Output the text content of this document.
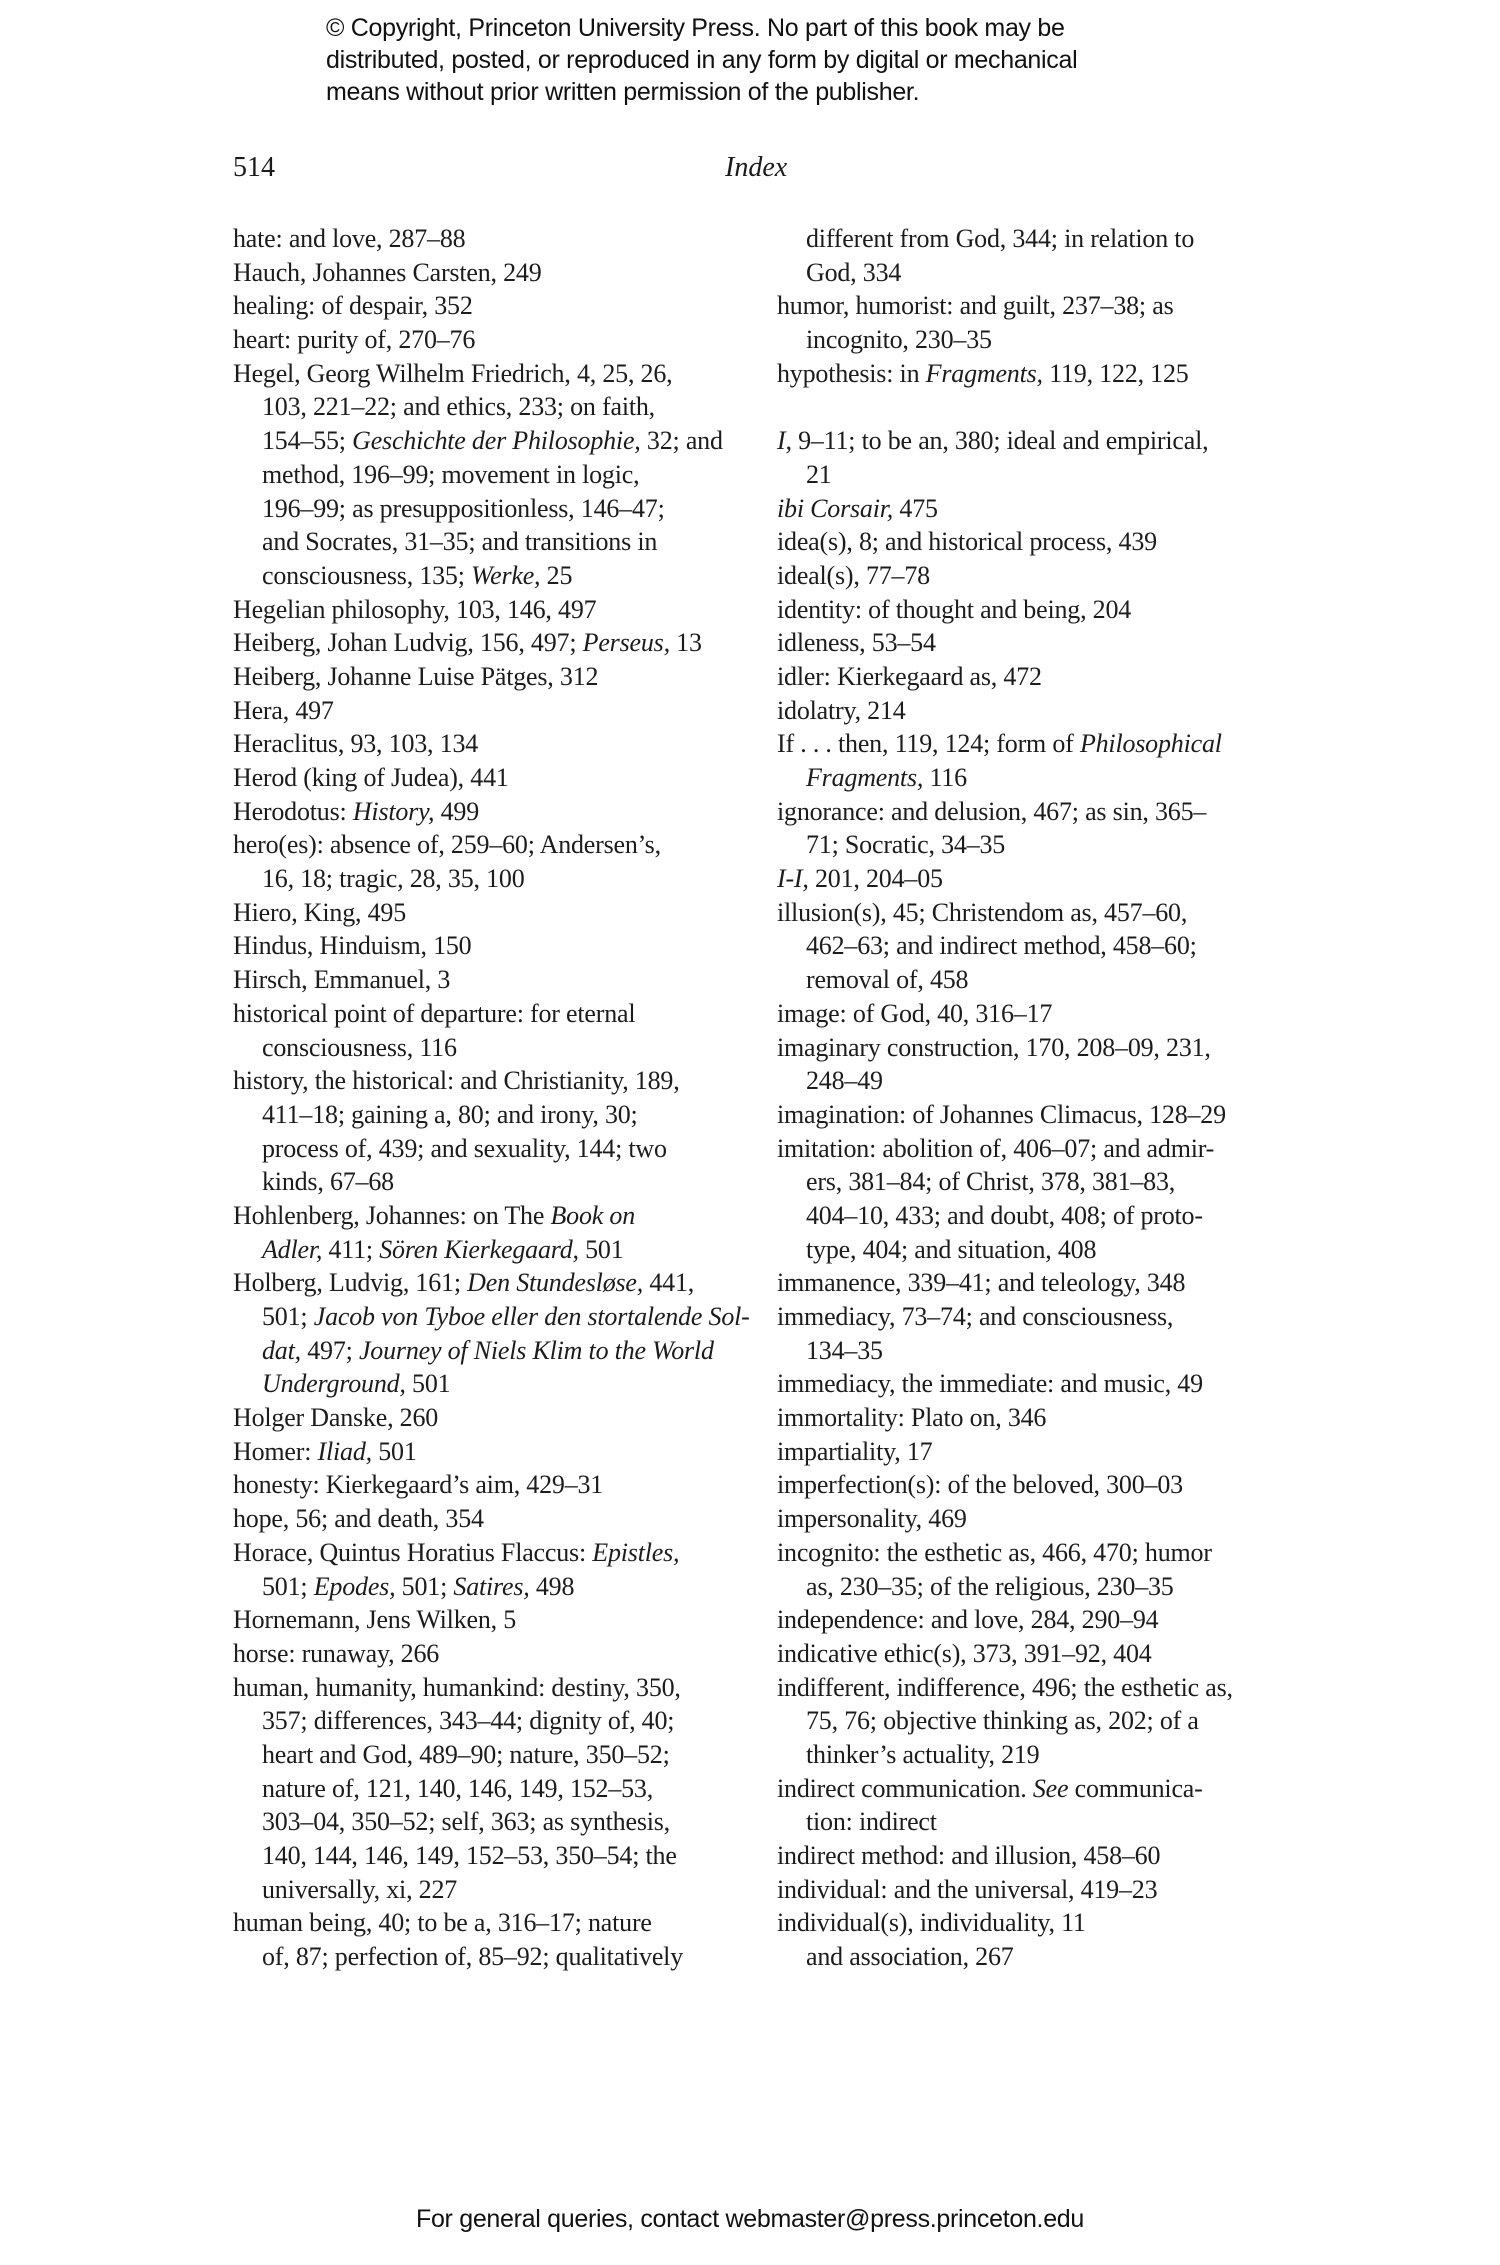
© Copyright, Princeton University Press. No part of this book may be
distributed, posted, or reproduced in any form by digital or mechanical
means without prior written permission of the publisher.
514	Index
hate: and love, 287–88
Hauch, Johannes Carsten, 249
healing: of despair, 352
heart: purity of, 270–76
Hegel, Georg Wilhelm Friedrich, 4, 25, 26,
103, 221–22; and ethics, 233; on faith,
154–55; Geschichte der Philosophie, 32; and
method, 196–99; movement in logic,
196–99; as presuppositionless, 146–47;
and Socrates, 31–35; and transitions in
consciousness, 135; Werke, 25
Hegelian philosophy, 103, 146, 497
Heiberg, Johan Ludvig, 156, 497; Perseus, 13
Heiberg, Johanne Luise Pätges, 312
Hera, 497
Heraclitus, 93, 103, 134
Herod (king of Judea), 441
Herodotus: History, 499
hero(es): absence of, 259–60; Andersen’s,
16, 18; tragic, 28, 35, 100
Hiero, King, 495
Hindus, Hinduism, 150
Hirsch, Emmanuel, 3
historical point of departure: for eternal
consciousness, 116
history, the historical: and Christianity, 189,
411–18; gaining a, 80; and irony, 30;
process of, 439; and sexuality, 144; two
kinds, 67–68
Hohlenberg, Johannes: on The Book on
Adler, 411; Sören Kierkegaard, 501
Holberg, Ludvig, 161; Den Stundesløse, 441,
501; Jacob von Tyboe eller den stortalende Sol-
dat, 497; Journey of Niels Klim to the World
Underground, 501
Holger Danske, 260
Homer: Iliad, 501
honesty: Kierkegaard’s aim, 429–31
hope, 56; and death, 354
Horace, Quintus Horatius Flaccus: Epistles,
501; Epodes, 501; Satires, 498
Hornemann, Jens Wilken, 5
horse: runaway, 266
human, humanity, humankind: destiny, 350,
357; differences, 343–44; dignity of, 40;
heart and God, 489–90; nature, 350–52;
nature of, 121, 140, 146, 149, 152–53,
303–04, 350–52; self, 363; as synthesis,
140, 144, 146, 149, 152–53, 350–54; the
universally, xi, 227
human being, 40; to be a, 316–17; nature
of, 87; perfection of, 85–92; qualitatively
different from God, 344; in relation to
God, 334
humor, humorist: and guilt, 237–38; as
incognito, 230–35
hypothesis: in Fragments, 119, 122, 125
I, 9–11; to be an, 380; ideal and empirical,
21
ibi Corsair, 475
idea(s), 8; and historical process, 439
ideal(s), 77–78
identity: of thought and being, 204
idleness, 53–54
idler: Kierkegaard as, 472
idolatry, 214
If . . . then, 119, 124; form of Philosophical
Fragments, 116
ignorance: and delusion, 467; as sin, 365–
71; Socratic, 34–35
I-I, 201, 204–05
illusion(s), 45; Christendom as, 457–60,
462–63; and indirect method, 458–60;
removal of, 458
image: of God, 40, 316–17
imaginary construction, 170, 208–09, 231,
248–49
imagination: of Johannes Climacus, 128–29
imitation: abolition of, 406–07; and admir-
ers, 381–84; of Christ, 378, 381–83,
404–10, 433; and doubt, 408; of proto-
type, 404; and situation, 408
immanence, 339–41; and teleology, 348
immediacy, 73–74; and consciousness,
134–35
immediacy, the immediate: and music, 49
immortality: Plato on, 346
impartiality, 17
imperfection(s): of the beloved, 300–03
impersonality, 469
incognito: the esthetic as, 466, 470; humor
as, 230–35; of the religious, 230–35
independence: and love, 284, 290–94
indicative ethic(s), 373, 391–92, 404
indifferent, indifference, 496; the esthetic as,
75, 76; objective thinking as, 202; of a
thinker’s actuality, 219
indirect communication. See communica-
tion: indirect
indirect method: and illusion, 458–60
individual: and the universal, 419–23
individual(s), individuality, 11
and association, 267
For general queries, contact webmaster@press.princeton.edu
